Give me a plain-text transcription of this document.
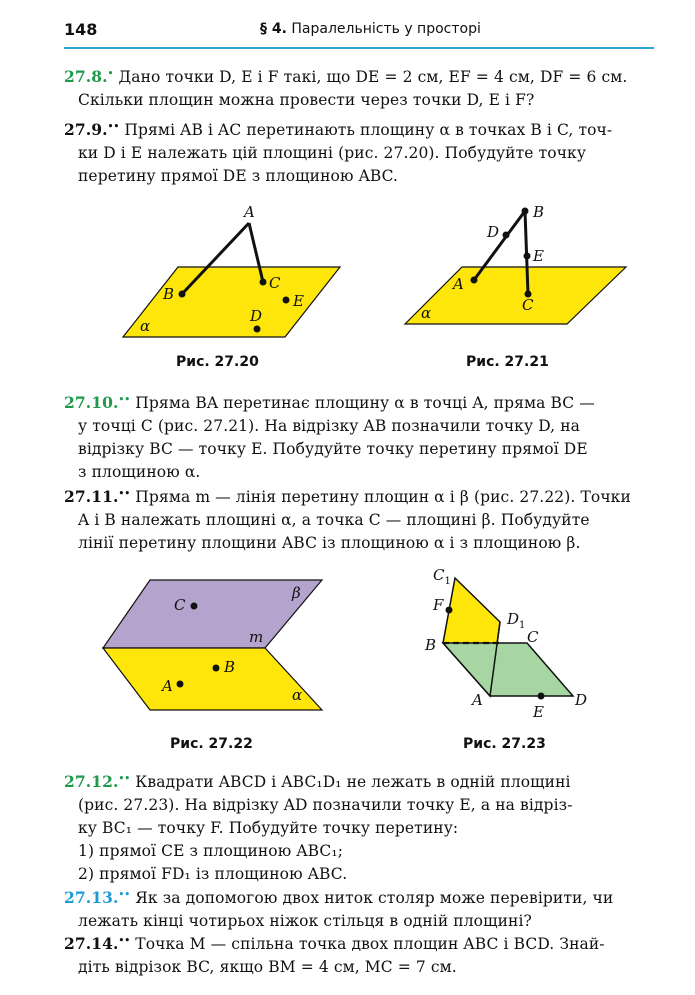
148	§ 4. Паралельність у просторі
27.8.• Дано точки D, E і F такі, що DE = 2 см, EF = 4 см, DF = 6 см.
Скільки площин можна провести через точки D, E і F?
27.9.•• Прямі AB і AC перетинають площину α в точках B і C, точ-
ки D і E належать цій площині (рис. 27.20). Побудуйте точку
перетину прямої DE з площиною ABC.
A
B
C
E
D
α
B
D
E
A
C
α
Рис. 27.20	Рис. 27.21
27.10.•• Пряма BA перетинає площину α в точці A, пряма BC —
у точці C (рис. 27.21). На відрізку AB позначили точку D, на
відрізку BC — точку E. Побудуйте точку перетину прямої DE
з площиною α.
27.11.•• Пряма m — лінія перетину площин α і β (рис. 27.22). Точки
A і B належать площині α, а точка C — площині β. Побудуйте
лінії перетину площини ABC із площиною α і з площиною β.
C
B
A
m
β
α
$C_1$
F
$D_1$
C
B
A	D
E
Рис. 27.22	Рис. 27.23
27.12.•• Квадрати ABCD і ABC₁D₁ не лежать в одній площині
(рис. 27.23). На відрізку AD позначили точку E, а на відріз-
ку BC₁ — точку F. Побудуйте точку перетину:
1) прямої CE з площиною ABC₁;
2) прямої FD₁ із площиною ABC.
27.13.•• Як за допомогою двох ниток столяр може перевірити, чи
лежать кінці чотирьох ніжок стільця в одній площині?
27.14.•• Точка M — спільна точка двох площин ABC і BCD. Знай-
діть відрізок BC, якщо BM = 4 см, MC = 7 см.
